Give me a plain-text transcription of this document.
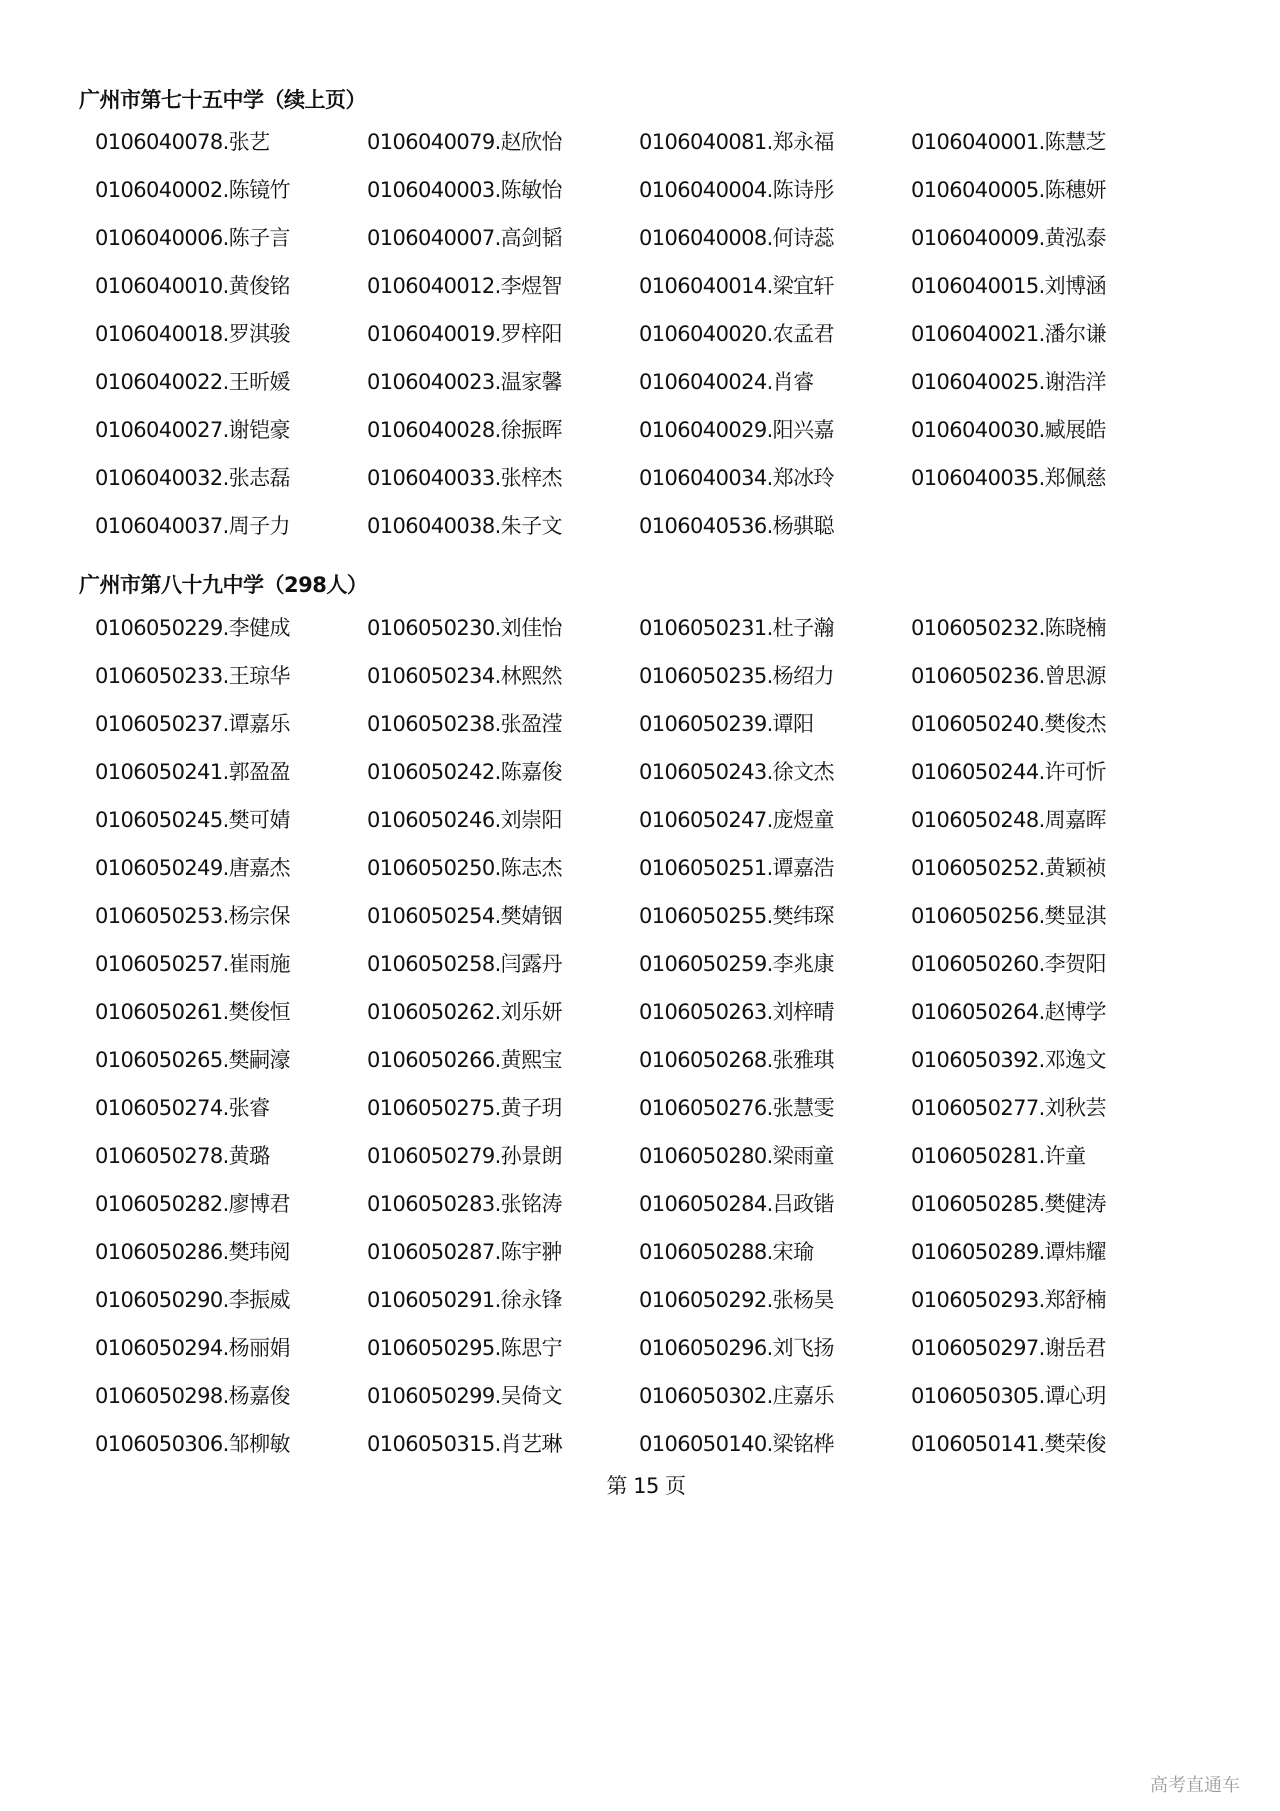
广州市第七十五中学（续上页）
0106040078.张艺	0106040079.赵欣怡	0106040081.郑永福	0106040001.陈慧芝
0106040002.陈镜竹	0106040003.陈敏怡	0106040004.陈诗彤	0106040005.陈穗妍
0106040006.陈子言	0106040007.高剑韬	0106040008.何诗蕊	0106040009.黄泓泰
0106040010.黄俊铭	0106040012.李煜智	0106040014.梁宜轩	0106040015.刘博涵
0106040018.罗淇骏	0106040019.罗梓阳	0106040020.农孟君	0106040021.潘尔谦
0106040022.王昕媛	0106040023.温家馨	0106040024.肖睿	0106040025.谢浩洋
0106040027.谢铠豪	0106040028.徐振晖	0106040029.阳兴嘉	0106040030.臧展皓
0106040032.张志磊	0106040033.张梓杰	0106040034.郑冰玲	0106040035.郑佩慈
0106040037.周子力	0106040038.朱子文	0106040536.杨骐聪
广州市第八十九中学（298人）
0106050229.李健成	0106050230.刘佳怡	0106050231.杜子瀚	0106050232.陈晓楠
0106050233.王琼华	0106050234.林熙然	0106050235.杨绍力	0106050236.曾思源
0106050237.谭嘉乐	0106050238.张盈滢	0106050239.谭阳	0106050240.樊俊杰
0106050241.郭盈盈	0106050242.陈嘉俊	0106050243.徐文杰	0106050244.许可忻
0106050245.樊可婧	0106050246.刘崇阳	0106050247.庞煜童	0106050248.周嘉晖
0106050249.唐嘉杰	0106050250.陈志杰	0106050251.谭嘉浩	0106050252.黄颖祯
0106050253.杨宗保	0106050254.樊婧铟	0106050255.樊纬琛	0106050256.樊显淇
0106050257.崔雨施	0106050258.闫露丹	0106050259.李兆康	0106050260.李贺阳
0106050261.樊俊恒	0106050262.刘乐妍	0106050263.刘梓晴	0106050264.赵博学
0106050265.樊嗣濠	0106050266.黄熙宝	0106050268.张雅琪	0106050392.邓逸文
0106050274.张睿	0106050275.黄子玥	0106050276.张慧雯	0106050277.刘秋芸
0106050278.黄璐	0106050279.孙景朗	0106050280.梁雨童	0106050281.许童
0106050282.廖博君	0106050283.张铭涛	0106050284.吕政锴	0106050285.樊健涛
0106050286.樊玮阅	0106050287.陈宇翀	0106050288.宋瑜	0106050289.谭炜耀
0106050290.李振威	0106050291.徐永锋	0106050292.张杨昊	0106050293.郑舒楠
0106050294.杨丽娟	0106050295.陈思宁	0106050296.刘飞扬	0106050297.谢岳君
0106050298.杨嘉俊	0106050299.吴倚文	0106050302.庄嘉乐	0106050305.谭心玥
0106050306.邹柳敏	0106050315.肖艺琳	0106050140.梁铭桦	0106050141.樊荣俊
第 15 页
高考直通车
